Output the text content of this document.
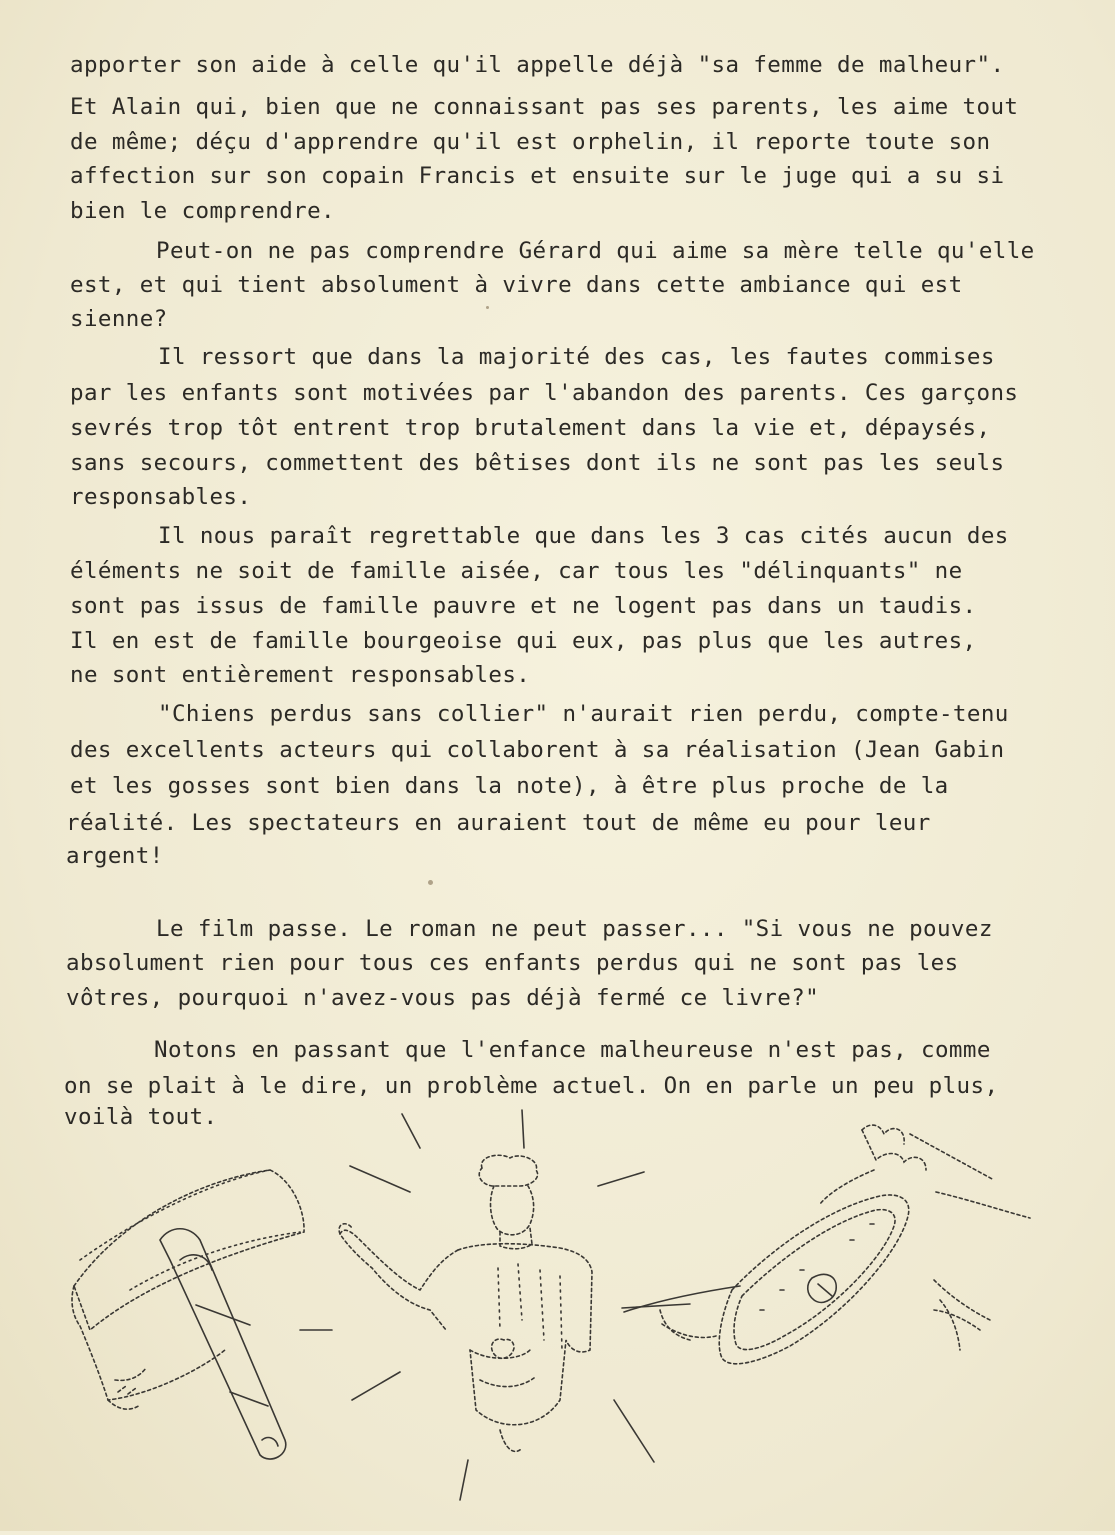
apporter son aide à celle qu'il appelle déjà "sa femme de malheur".
Et Alain qui, bien que ne connaissant pas ses parents, les aime tout
de même; déçu d'apprendre qu'il est orphelin, il reporte toute son
affection sur son copain Francis et ensuite sur le juge qui a su si
bien le comprendre.
Peut-on ne pas comprendre Gérard qui aime sa mère telle qu'elle
est, et qui tient absolument à vivre dans cette ambiance qui est
sienne?
Il ressort que dans la majorité des cas, les fautes commises
par les enfants sont motivées par l'abandon des parents. Ces garçons
sevrés trop tôt entrent trop brutalement dans la vie et, dépaysés,
sans secours, commettent des bêtises dont ils ne sont pas les seuls
responsables.
Il nous paraît regrettable que dans les 3 cas cités aucun des
éléments ne soit de famille aisée, car tous les "délinquants" ne
sont pas issus de famille pauvre et ne logent pas dans un taudis.
Il en est de famille bourgeoise qui eux, pas plus que les autres,
ne sont entièrement responsables.
"Chiens perdus sans collier" n'aurait rien perdu, compte-tenu
des excellents acteurs qui collaborent à sa réalisation (Jean Gabin
et les gosses sont bien dans la note), à être plus proche de la
réalité. Les spectateurs en auraient tout de même eu pour leur
argent!
Le film passe. Le roman ne peut passer... "Si vous ne pouvez
absolument rien pour tous ces enfants perdus qui ne sont pas les
vôtres, pourquoi n'avez-vous pas déjà fermé ce livre?"
Notons en passant que l'enfance malheureuse n'est pas, comme
on se plait à le dire, un problème actuel. On en parle un peu plus,
voilà tout.
